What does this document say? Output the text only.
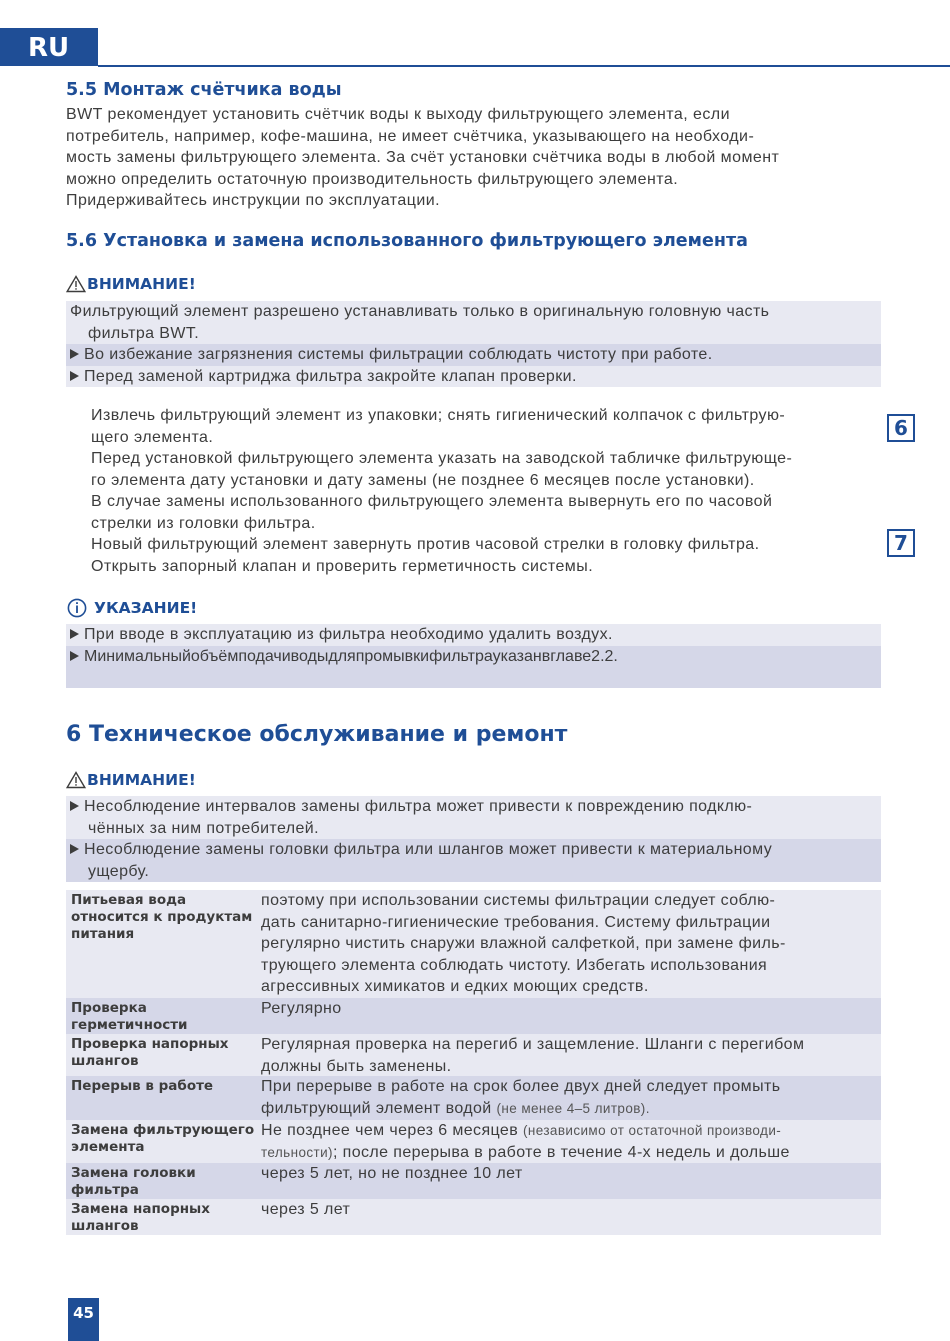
RU
5.5 Монтаж счётчика воды

BWT рекомендует установить счётчик воды к выходу фильтрующего элемента, если

потребитель, например, кофе-машина, не имеет счётчика, указывающего на необходи-

мость замены фильтрующего элемента. За счёт установки счётчика воды в любой момент

можно определить остаточную производительность фильтрующего элемента.

Придерживайтесь инструкции по эксплуатации.

5.6 Установка и замена использованного фильтрующего элемента
ВНИМАНИЕ!
Фильтрующий элемент разрешено устанавливать только в оригинальную головную часть
фильтра BWT.
Во избежание загрязнения системы фильтрации соблюдать чистоту при работе.
Перед заменой картриджа фильтра закройте клапан проверки.

Извлечь фильтрующий элемент из упаковки; снять гигиенический колпачок с фильтрую-

щего элемента.

Перед установкой фильтрующего элемента указать на заводской табличке фильтрующе-

го элемента дату установки и дату замены (не позднее 6 месяцев после установки).

В случае замены использованного фильтрующего элемента вывернуть его по часовой

стрелки из головки фильтра.

Новый фильтрующий элемент завернуть против часовой стрелки в головку фильтра.

Открыть запорный клапан и проверить герметичность системы.

6
7
УКАЗАНИЕ!
При вводе в эксплуатацию из фильтра необходимо удалить воздух.
Минимальныйобъёмподачиводыдляпромывкифильтрауказанвглаве2.2.
6 Техническое обслуживание и ремонт
ВНИМАНИЕ!
Несоблюдение интервалов замены фильтра может привести к повреждению подклю-
чённых за ним потребителей.
Несоблюдение замены головки фильтра или шлангов может привести к материальному
ущербу.

Питьевая вода

относится к продуктам

питания

поэтому при использовании системы фильтрации следует соблю-

дать санитарно-гигиенические требования. Систему фильтрации

регулярно чистить снаружи влажной салфеткой, при замене филь-

трующего элемента соблюдать чистоту. Избегать использования

агрессивных химикатов и едких моющих средств.

Проверка

герметичности

Регулярно

Проверка напорных

шлангов

Регулярная проверка на перегиб и защемление. Шланги с перегибом

должны быть заменены.

Перерыв в работе	При перерыве в работе на срок более двух дней следует промыть

фильтрующий элемент водой (не менее 4–5 литров).

Замена фильтрующего

элемента

Не позднее чем через 6 месяцев (независимо от остаточной производи-

тельности); после перерыва в работе в течение 4-х недель и дольше

Замена головки

фильтра

через 5 лет, но не позднее 10 лет

Замена напорных

шлангов

через 5 лет

45
